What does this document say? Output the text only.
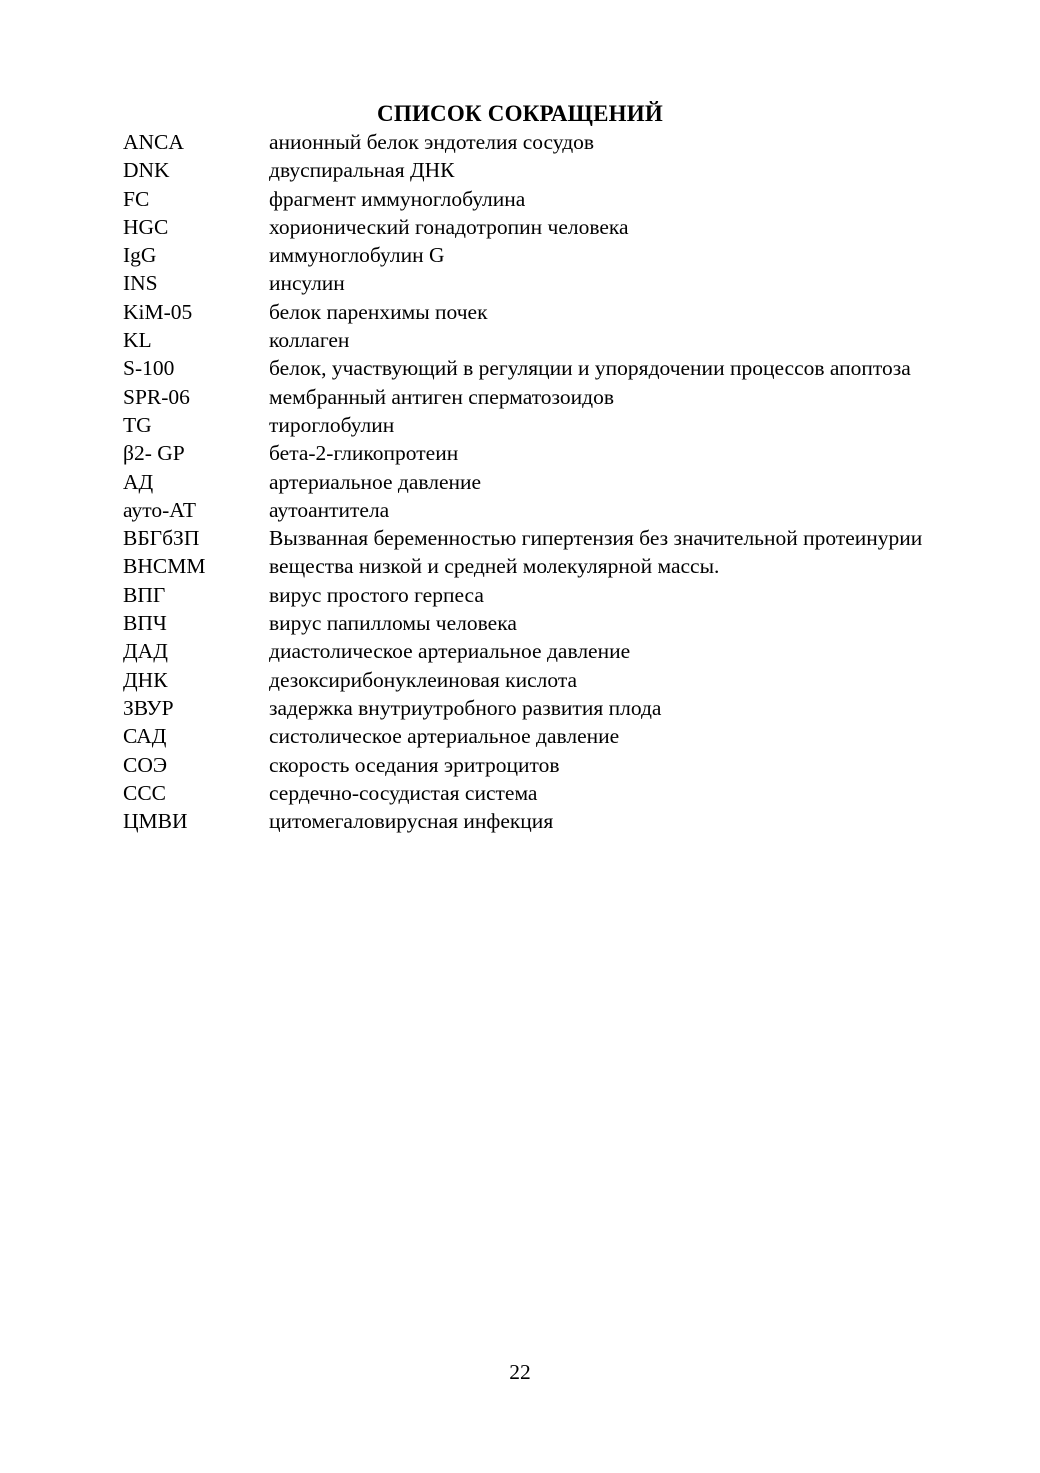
СПИСОК СОКРАЩЕНИЙ
ANCA	анионный белок эндотелия сосудов
DNK	двуспиральная ДНК
FC	фрагмент иммуноглобулина
HGC	хорионический гонадотропин человека
IgG	иммуноглобулин G
INS	инсулин
KiM-05	белок паренхимы почек
KL	коллаген
S-100	белок, участвующий в регуляции и упорядочении процессов апоптоза
SPR-06	мембранный антиген сперматозоидов
TG	тироглобулин
β2- GP	бета-2-гликопротеин
АД	артериальное давление
ауто-АТ	аутоантитела
ВБГбЗП	Вызванная беременностью гипертензия без значительной протеинурии
ВНСММ	вещества низкой и средней молекулярной массы.
ВПГ	вирус простого герпеса
ВПЧ	вирус папилломы человека
ДАД	диастолическое артериальное давление
ДНК	дезоксирибонуклеиновая кислота
ЗВУР	задержка внутриутробного развития плода
САД	систолическое артериальное давление
СОЭ	скорость оседания эритроцитов
ССС	сердечно-сосудистая система
ЦМВИ	цитомегаловирусная инфекция
22
